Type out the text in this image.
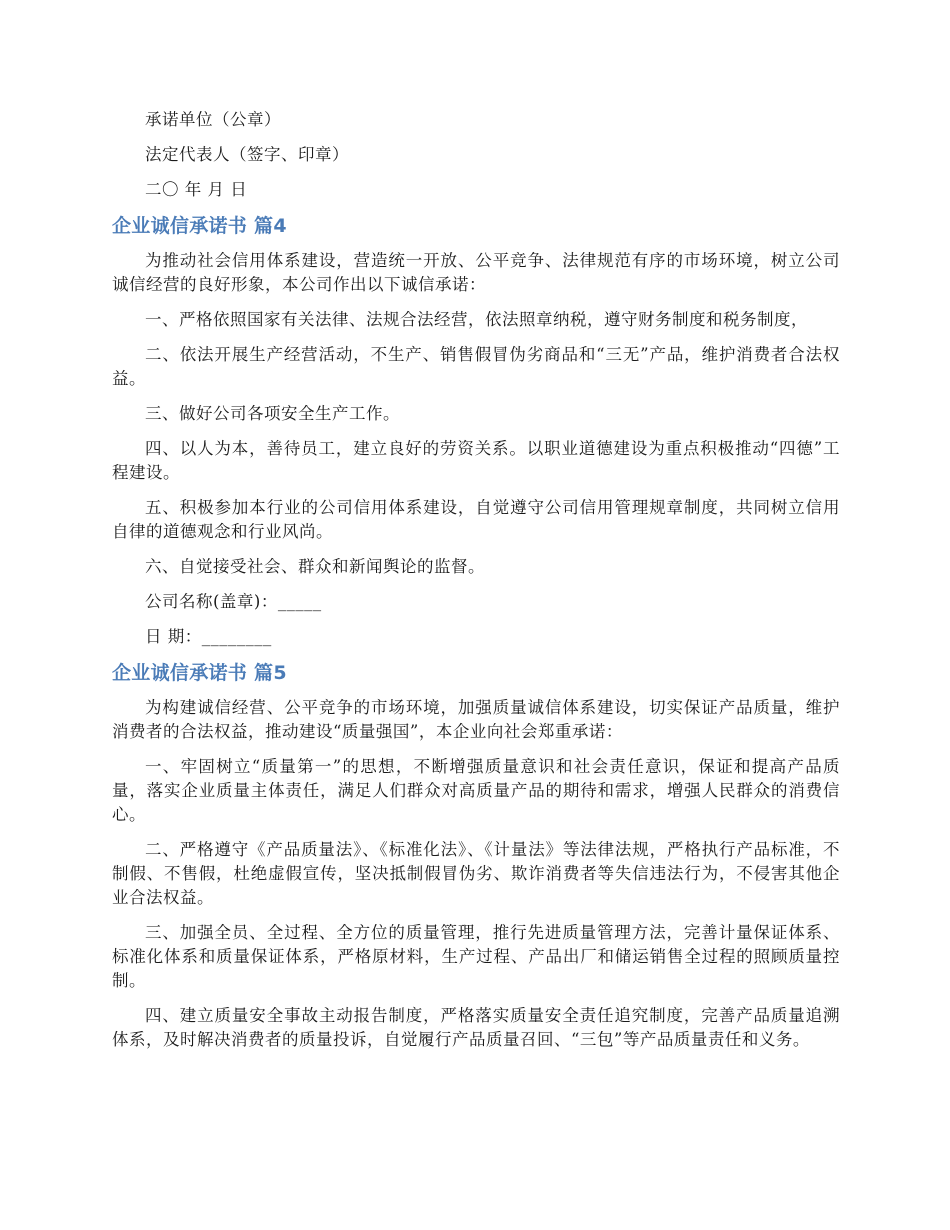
承诺单位（公章）

法定代表人（签字、印章）

二〇 年 月 日

企业诚信承诺书 篇4

为推动社会信用体系建设，营造统一开放、公平竞争、法律规范有序的市场环境，树立公司诚信经营的良好形象，本公司作出以下诚信承诺：

一、严格依照国家有关法律、法规合法经营，依法照章纳税，遵守财务制度和税务制度，

二、依法开展生产经营活动，不生产、销售假冒伪劣商品和“三无”产品，维护消费者合法权益。

三、做好公司各项安全生产工作。

四、以人为本，善待员工，建立良好的劳资关系。以职业道德建设为重点积极推动“四德”工程建设。

五、积极参加本行业的公司信用体系建设，自觉遵守公司信用管理规章制度，共同树立信用自律的道德观念和行业风尚。

六、自觉接受社会、群众和新闻舆论的监督。

公司名称(盖章)：_____

日 期：________

企业诚信承诺书 篇5

为构建诚信经营、公平竞争的市场环境，加强质量诚信体系建设，切实保证产品质量，维护消费者的合法权益，推动建设“质量强国”，本企业向社会郑重承诺：

一、牢固树立“质量第一”的思想，不断增强质量意识和社会责任意识，保证和提高产品质量，落实企业质量主体责任，满足人们群众对高质量产品的期待和需求，增强人民群众的消费信心。

二、严格遵守《产品质量法》、《标准化法》、《计量法》等法律法规，严格执行产品标准，不制假、不售假，杜绝虚假宣传，坚决抵制假冒伪劣、欺诈消费者等失信违法行为，不侵害其他企业合法权益。

三、加强全员、全过程、全方位的质量管理，推行先进质量管理方法，完善计量保证体系、标准化体系和质量保证体系，严格原材料，生产过程、产品出厂和储运销售全过程的照顾质量控制。

四、建立质量安全事故主动报告制度，严格落实质量安全责任追究制度，完善产品质量追溯体系，及时解决消费者的质量投诉，自觉履行产品质量召回、“三包”等产品质量责任和义务。
